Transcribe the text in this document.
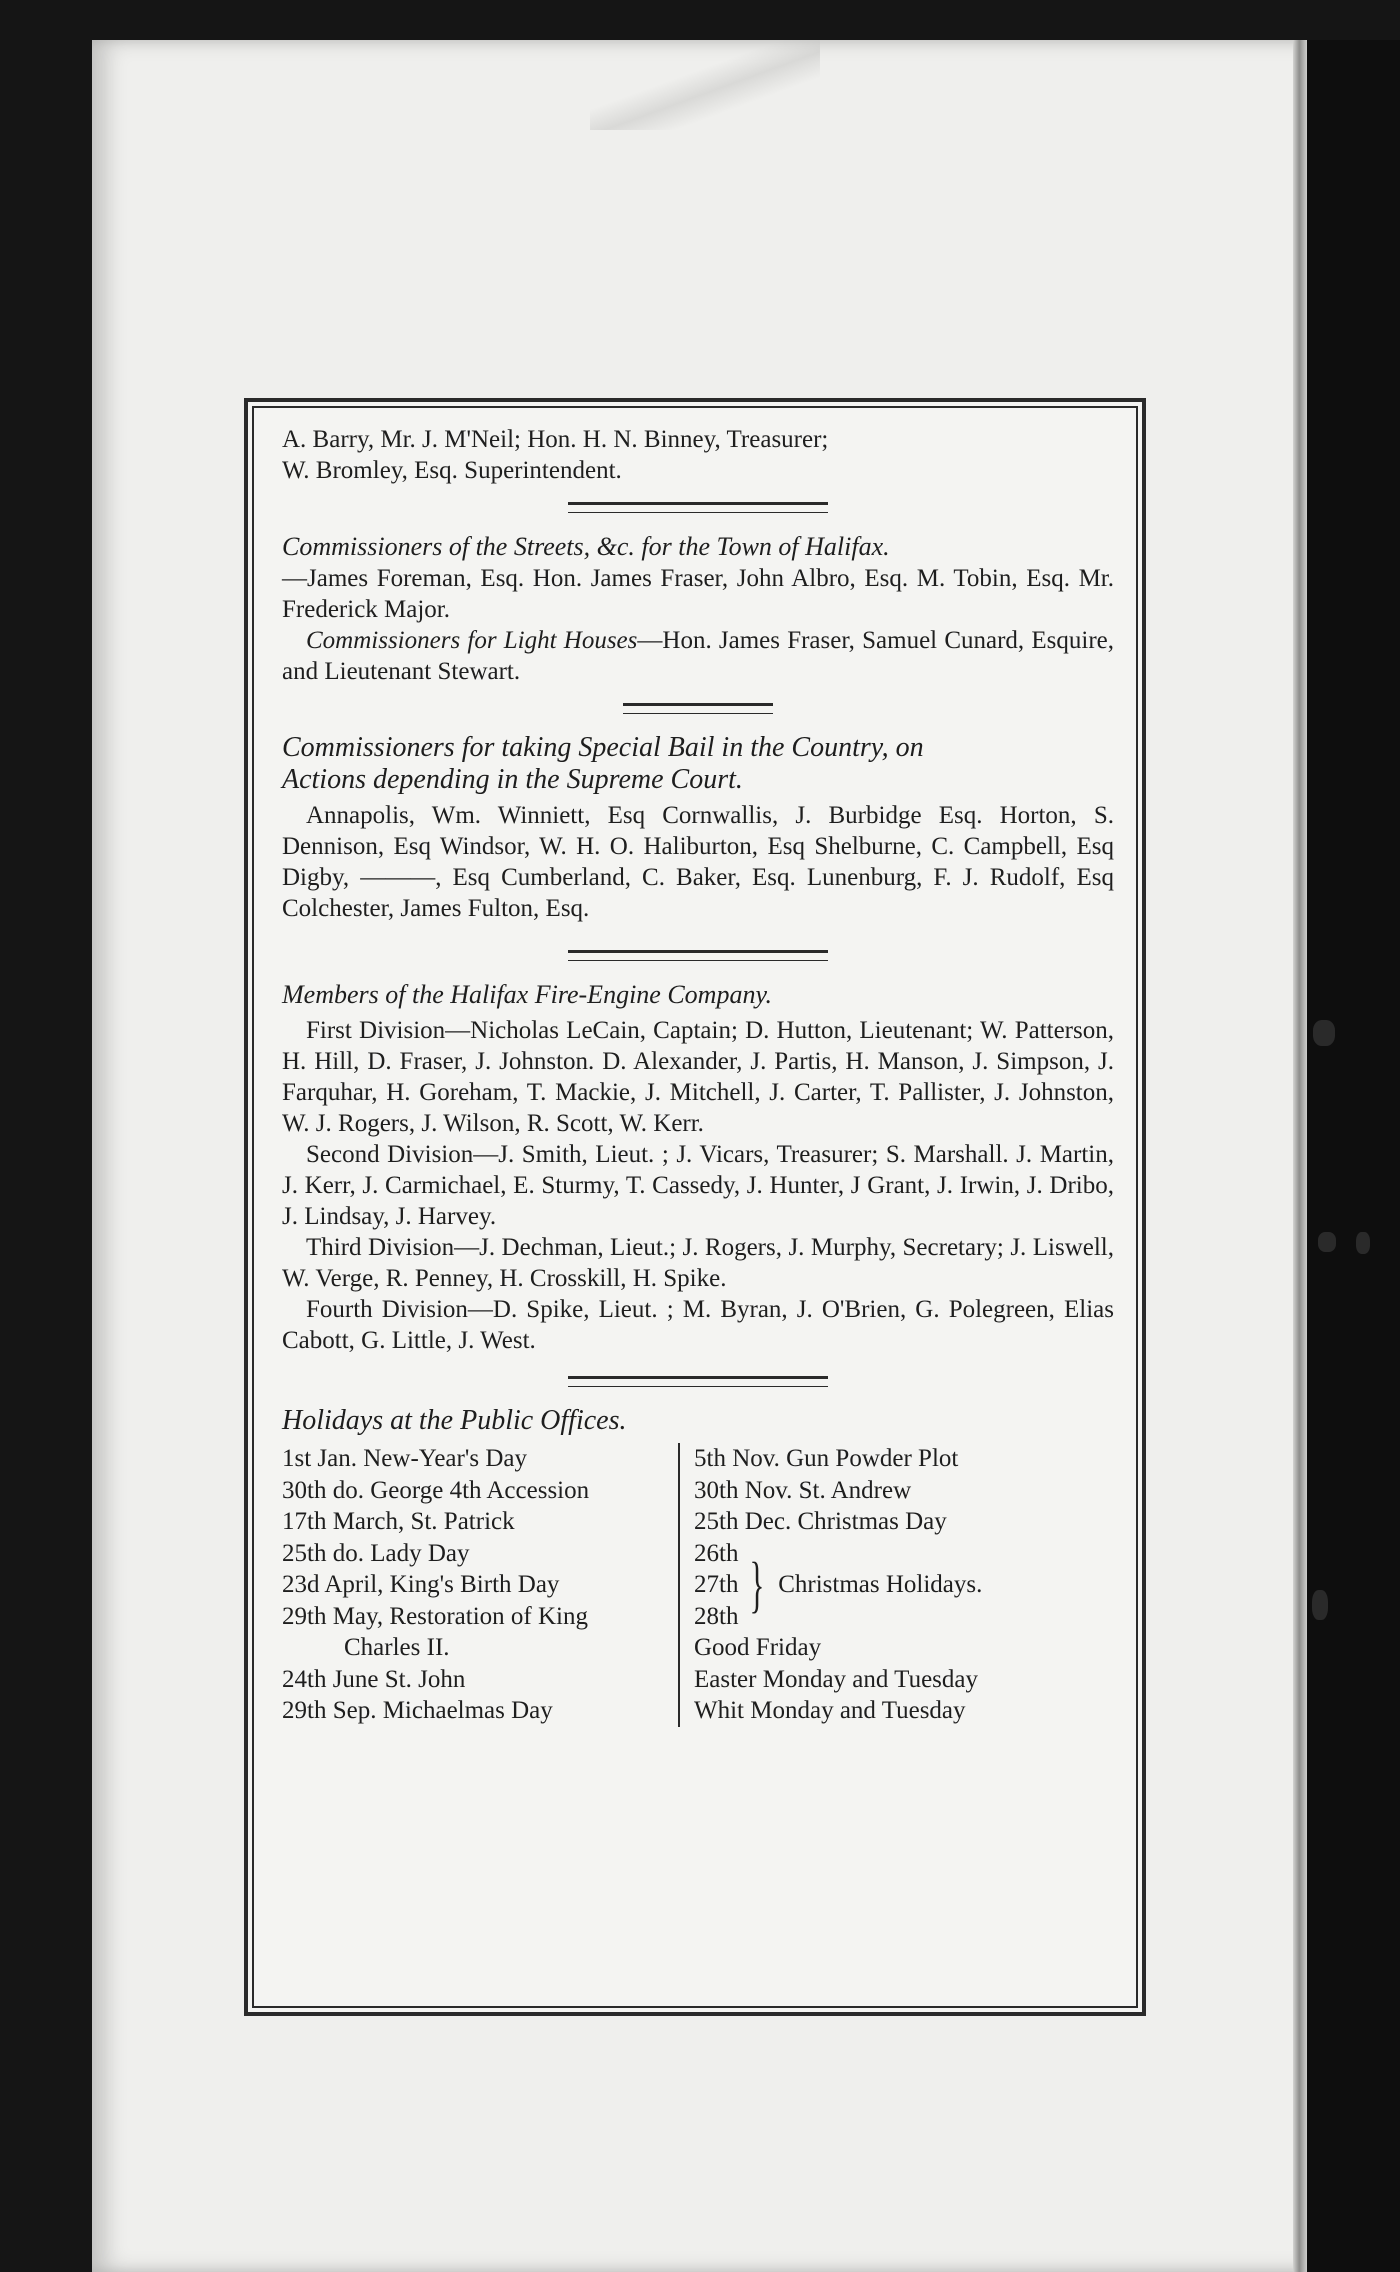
A. Barry, Mr. J. M'Neil; Hon. H. N. Binney, Treasurer;

W. Bromley, Esq. Superintendent.

Commissioners of the Streets, &c. for the Town of Halifax.

—James Foreman, Esq. Hon. James Fraser, John Albro, Esq. M. Tobin, Esq. Mr. Frederick Major.

Commissioners for Light Houses—Hon. James Fraser, Samuel Cunard, Esquire, and Lieutenant Stewart.

Commissioners for taking Special Bail in the Country, on

Actions depending in the Supreme Court.

Annapolis, Wm. Winniett, Esq Cornwallis, J. Burbidge Esq. Horton, S. Dennison, Esq Windsor, W. H. O. Haliburton, Esq Shelburne, C. Campbell, Esq Digby, ———, Esq Cumberland, C. Baker, Esq. Lunenburg, F. J. Rudolf, Esq Colchester, James Fulton, Esq.

Members of the Halifax Fire-Engine Company.

First Division—Nicholas LeCain, Captain; D. Hutton, Lieutenant; W. Patterson, H. Hill, D. Fraser, J. Johnston. D. Alexander, J. Partis, H. Manson, J. Simpson, J. Farquhar, H. Goreham, T. Mackie, J. Mitchell, J. Carter, T. Pallister, J. Johnston, W. J. Rogers, J. Wilson, R. Scott, W. Kerr.

Second Division—J. Smith, Lieut. ; J. Vicars, Treasurer; S. Marshall. J. Martin, J. Kerr, J. Carmichael, E. Sturmy, T. Cassedy, J. Hunter, J Grant, J. Irwin, J. Dribo, J. Lindsay, J. Harvey.

Third Division—J. Dechman, Lieut.; J. Rogers, J. Murphy, Secretary; J. Liswell, W. Verge, R. Penney, H. Crosskill, H. Spike.

Fourth Division—D. Spike, Lieut. ; M. Byran, J. O'Brien, G. Polegreen, Elias Cabott, G. Little, J. West.

Holidays at the Public Offices.

1st Jan. New-Year's Day
30th do. George 4th Accession
17th March, St. Patrick
25th do. Lady Day
23d April, King's Birth Day
29th May, Restoration of King
Charles II.
24th June St. John
29th Sep. Michaelmas Day
5th Nov. Gun Powder Plot
30th Nov. St. Andrew
25th Dec. Christmas Day
26th
27th
28th } Christmas Holidays.
Good Friday
Easter Monday and Tuesday
Whit Monday and Tuesday
